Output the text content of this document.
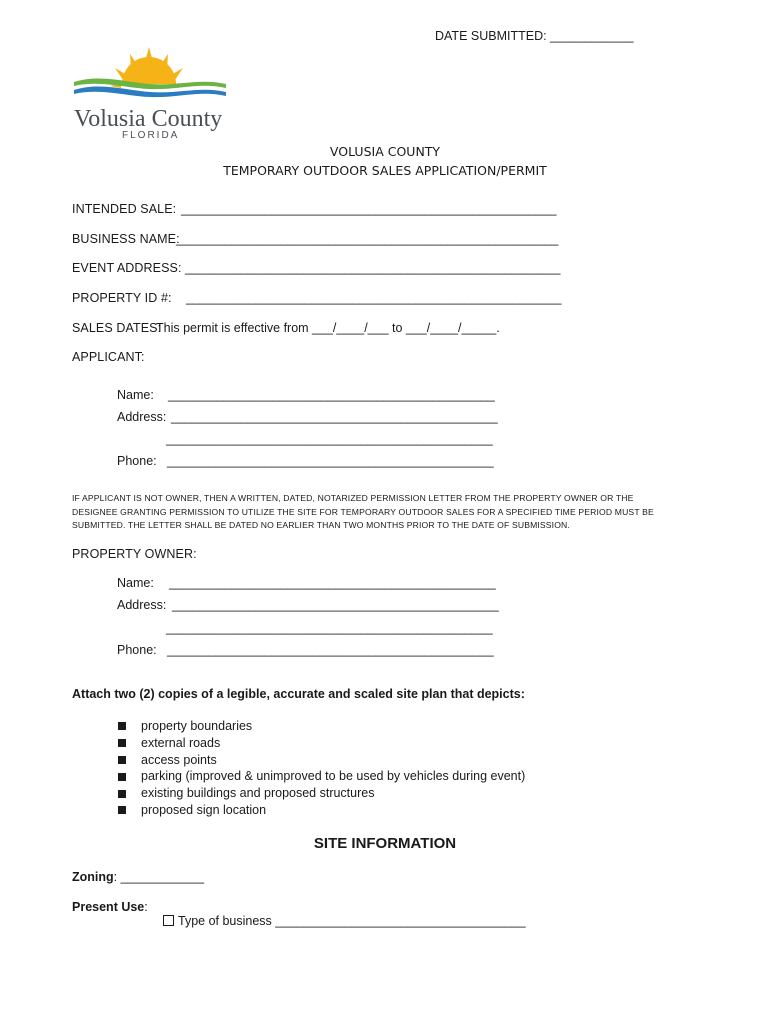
DATE SUBMITTED: ____________
Volusia County
FLORIDA
VOLUSIA COUNTY
TEMPORARY OUTDOOR SALES APPLICATION/PERMIT
INTENDED SALE: ______________________________________________________
BUSINESS NAME:
_______________________________________________________
EVENT ADDRESS: ______________________________________________________
PROPERTY ID #: ______________________________________________________
SALES DATES:
This permit is effective from ___/____/___ to ___/____/_____.
APPLICANT:
Name: _______________________________________________
Address: _______________________________________________
_______________________________________________
Phone: _______________________________________________
IF APPLICANT IS NOT OWNER, THEN A WRITTEN, DATED, NOTARIZED PERMISSION LETTER FROM THE PROPERTY OWNER OR THE
DESIGNEE GRANTING PERMISSION TO UTILIZE THE SITE FOR TEMPORARY OUTDOOR SALES FOR A SPECIFIED TIME PERIOD MUST BE
SUBMITTED. THE LETTER SHALL BE DATED NO EARLIER THAN TWO MONTHS PRIOR TO THE DATE OF SUBMISSION.
PROPERTY OWNER:
Name: _______________________________________________
Address: _______________________________________________
_______________________________________________
Phone: _______________________________________________
Attach two (2) copies of a legible, accurate and scaled site plan that depicts:
property boundaries
external roads
access points
parking (improved & unimproved to be used by vehicles during event)
existing buildings and proposed structures
proposed sign location
SITE INFORMATION
Zoning: ____________
Present Use:
Type of business ____________________________________
